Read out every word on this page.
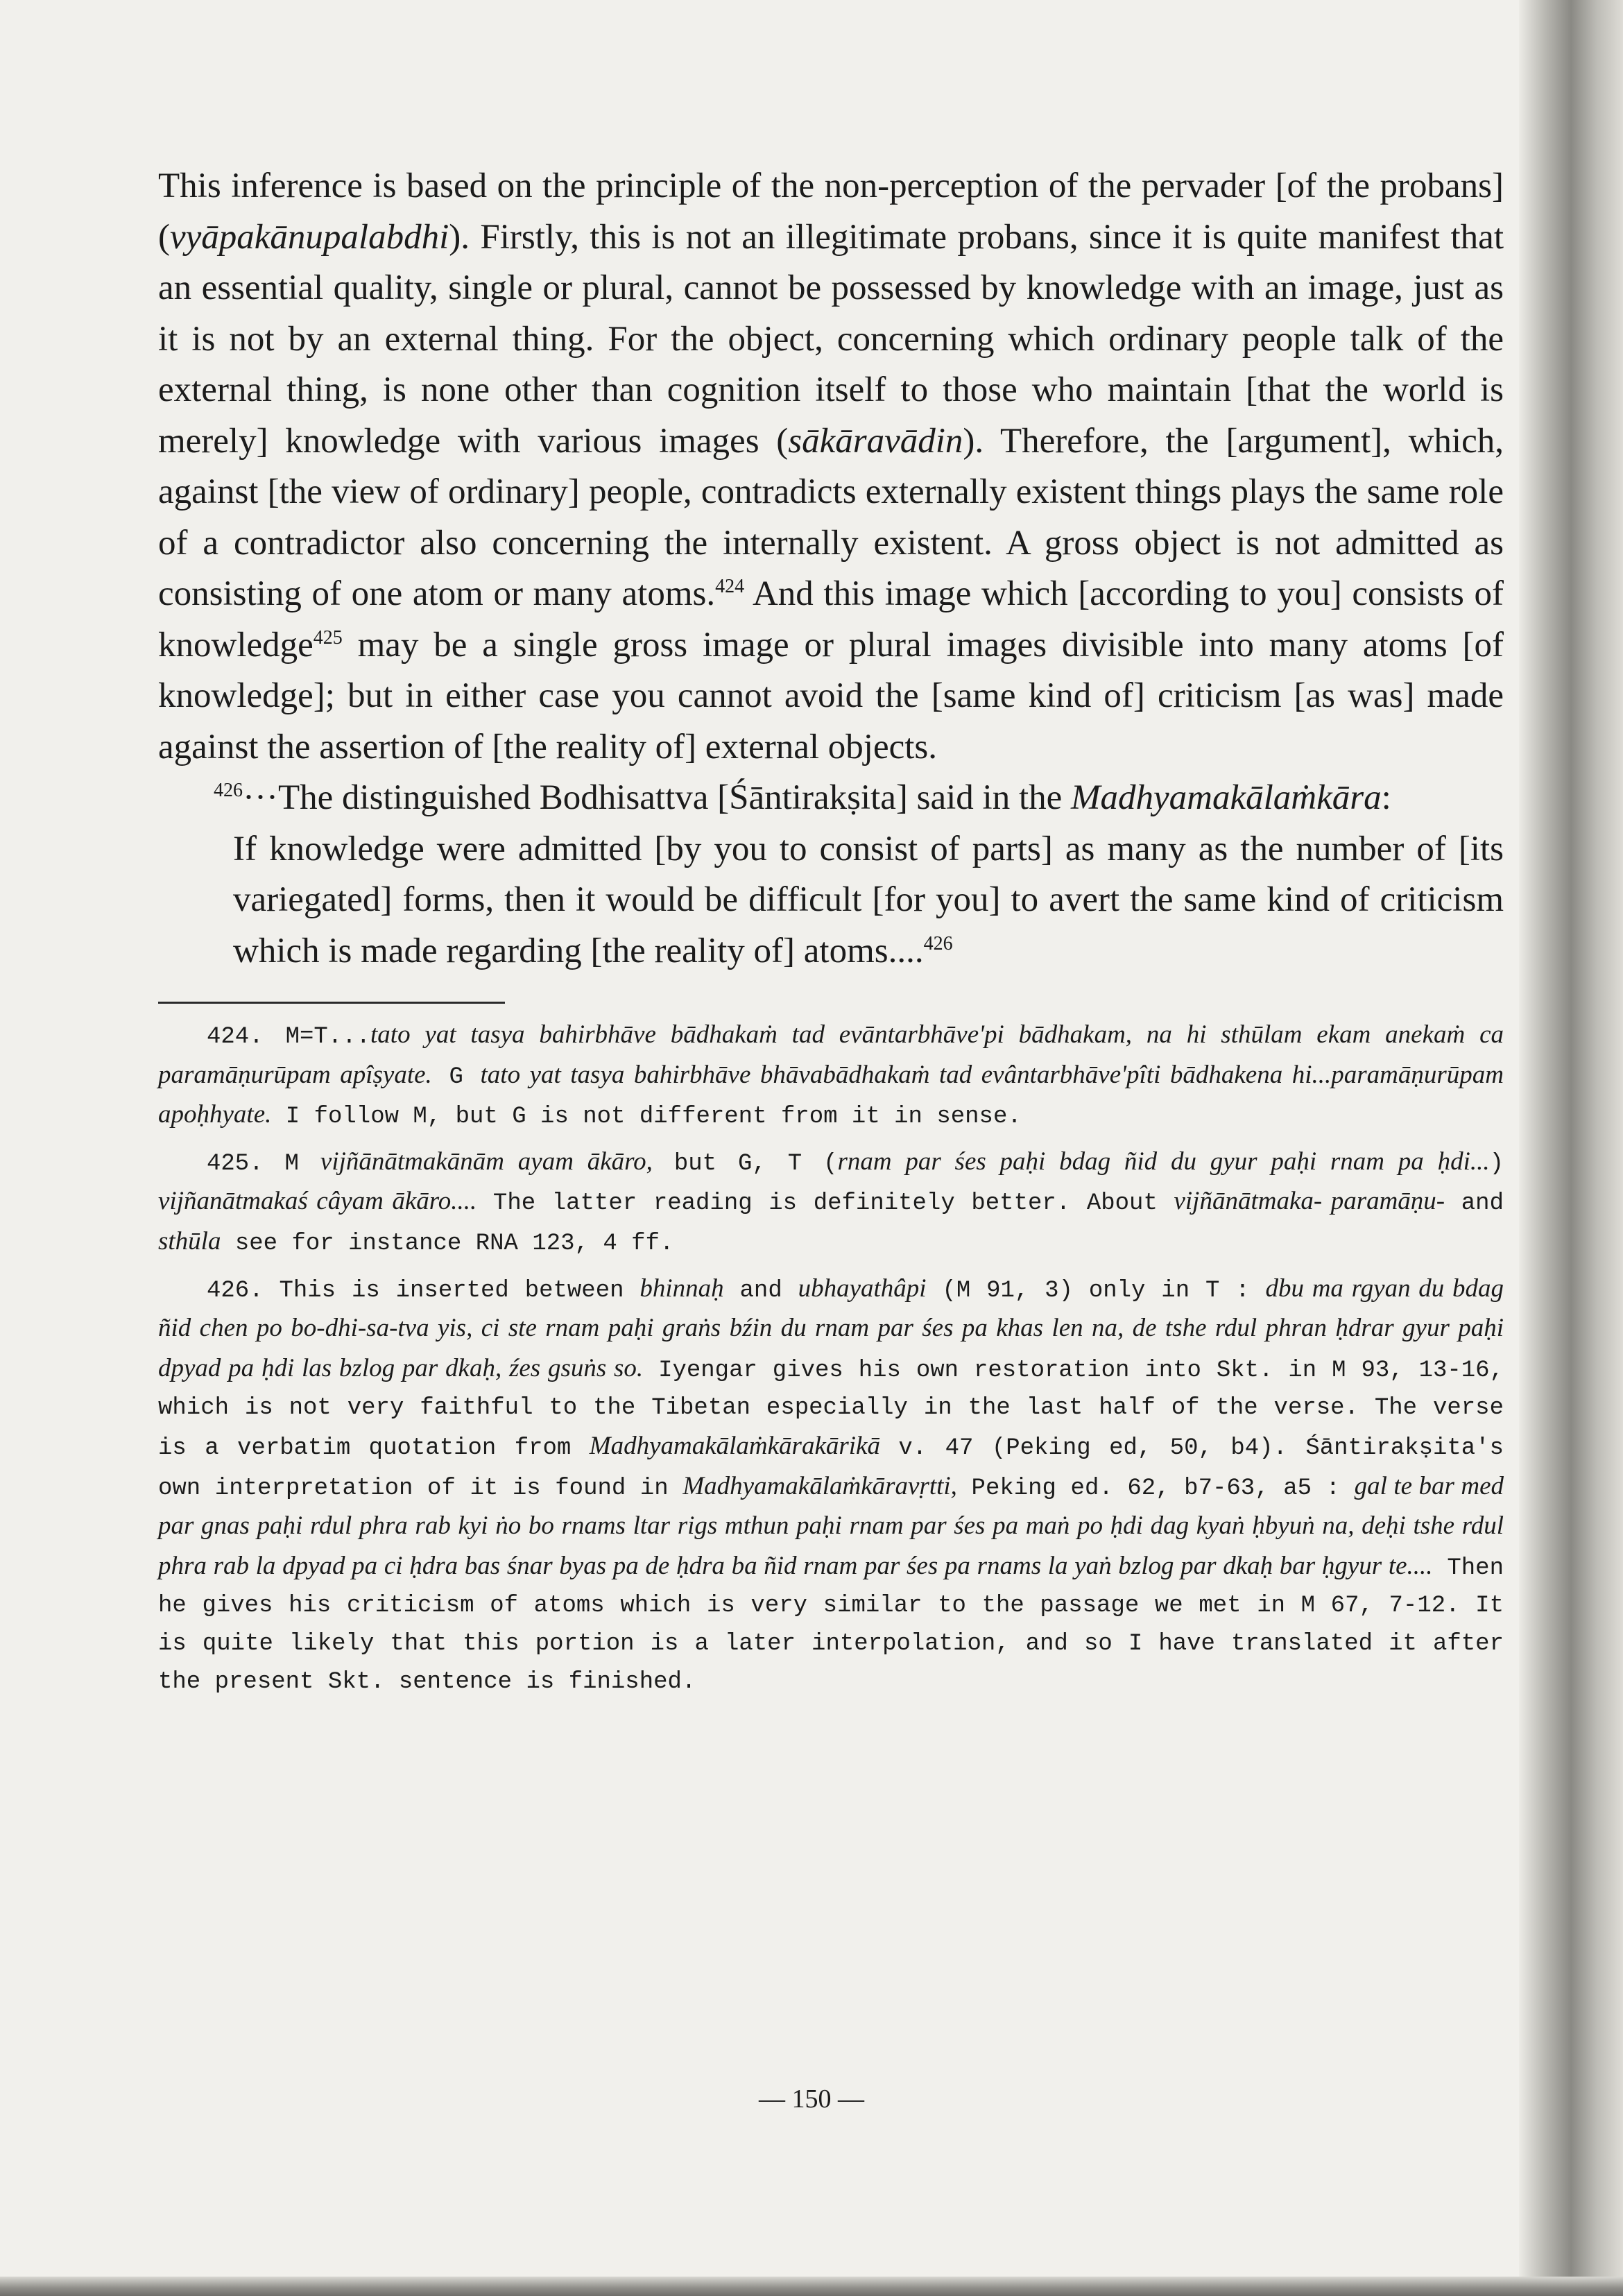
This inference is based on the principle of the non-perception of the pervader [of the probans] (vyāpakānupalabdhi). Firstly, this is not an illegitimate probans, since it is quite manifest that an essential quality, single or plural, cannot be possessed by knowledge with an image, just as it is not by an external thing. For the object, concerning which ordinary people talk of the external thing, is none other than cognition itself to those who maintain [that the world is merely] knowledge with various images (sākāravādin). Therefore, the [argument], which, against [the view of ordinary] people, contradicts externally existent things plays the same role of a contradictor also concerning the internally existent. A gross object is not admitted as consisting of one atom or many atoms.$^{424}$ And this image which [according to you] consists of knowledge$^{425}$ may be a single gross image or plural images divisible into many atoms [of knowledge]; but in either case you cannot avoid the [same kind of] criticism [as was] made against the assertion of [the reality of] external objects.

$^{426}$···The distinguished Bodhisattva [Śāntirakṣita] said in the Madhyamakālaṁkāra:

If knowledge were admitted [by you to consist of parts] as many as the number of [its variegated] forms, then it would be difficult [for you] to avert the same kind of criticism which is made regarding [the reality of] atoms....$^{426}$

424. M=T...tato yat tasya bahirbhāve bādhakaṁ tad evāntarbhāve'pi bādhakam, na hi sthūlam ekam anekaṁ ca paramāṇurūpam apîṣyate. G tato yat tasya bahirbhāve bhāvabādhakaṁ tad evântarbhāve'pîti bādhakena hi...paramāṇurūpam apoḥhyate. I follow M, but G is not different from it in sense.

425. M vijñānātmakānām ayam ākāro, but G, T (rnam par śes paḥi bdag ñid du gyur paḥi rnam pa ḥdi...) vijñanātmakaś câyam ākāro.... The latter reading is definitely better. About vijñānātmaka- paramāṇu- and sthūla see for instance RNA 123, 4 ff.

426. This is inserted between bhinnaḥ and ubhayathâpi (M 91, 3) only in T : dbu ma rgyan du bdag ñid chen po bo-dhi-sa-tva yis, ci ste rnam paḥi graṅs bźin du rnam par śes pa khas len na, de tshe rdul phran ḥdrar gyur paḥi dpyad pa ḥdi las bzlog par dkaḥ, źes gsuṅs so. Iyengar gives his own restoration into Skt. in M 93, 13-16, which is not very faithful to the Tibetan especially in the last half of the verse. The verse is a verbatim quotation from Madhyamakālaṁkārakārikā v. 47 (Peking ed, 50, b4). Śāntirakṣita's own interpretation of it is found in Madhyamakālaṁkāravṛtti, Peking ed. 62, b7-63, a5 : gal te bar med par gnas paḥi rdul phra rab kyi ṅo bo rnams ltar rigs mthun paḥi rnam par śes pa maṅ po ḥdi dag kyaṅ ḥbyuṅ na, deḥi tshe rdul phra rab la dpyad pa ci ḥdra bas śnar byas pa de ḥdra ba ñid rnam par śes pa rnams la yaṅ bzlog par dkaḥ bar ḥgyur te.... Then he gives his criticism of atoms which is very similar to the passage we met in M 67, 7-12. It is quite likely that this portion is a later interpolation, and so I have translated it after the present Skt. sentence is finished.

— 150 —
